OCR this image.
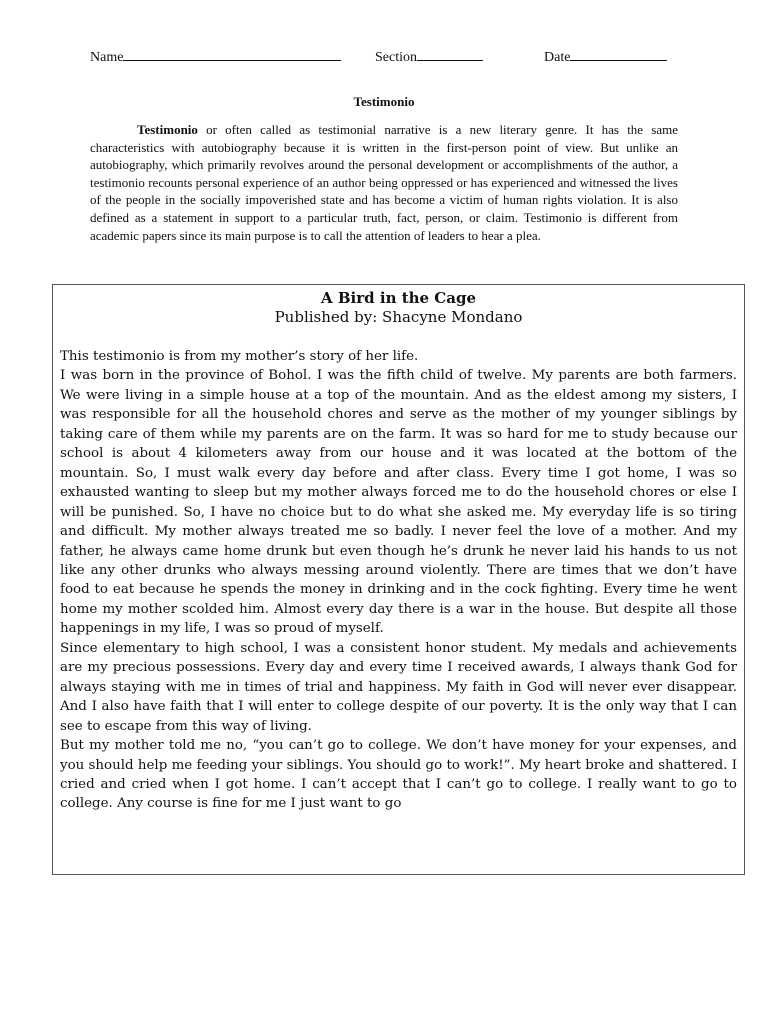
Name	Section	Date
Testimonio

Testimonio or often called as testimonial narrative is a new literary genre. It has the same characteristics with autobiography because it is written in the first-person point of view. But unlike an autobiography, which primarily revolves around the personal development or accomplishments of the author, a testimonio recounts personal experience of an author being oppressed or has experienced and witnessed the lives of the people in the socially impoverished state and has become a victim of human rights violation. It is also defined as a statement in support to a particular truth, fact, person, or claim. Testimonio is different from academic papers since its main purpose is to call the attention of leaders to hear a plea.

A Bird in the Cage
Published by: Shacyne Mondano

This testimonio is from my mother’s story of her life.

I was born in the province of Bohol. I was the fifth child of twelve. My parents are both farmers. We were living in a simple house at a top of the mountain. And as the eldest among my sisters, I was responsible for all the household chores and serve as the mother of my younger siblings by taking care of them while my parents are on the farm. It was so hard for me to study because our school is about 4 kilometers away from our house and it was located at the bottom of the mountain. So, I must walk every day before and after class. Every time I got home, I was so exhausted wanting to sleep but my mother always forced me to do the household chores or else I will be punished. So, I have no choice but to do what she asked me. My everyday life is so tiring and difficult. My mother always treated me so badly. I never feel the love of a mother. And my father, he always came home drunk but even though he’s drunk he never laid his hands to us not like any other drunks who always messing around violently. There are times that we don’t have food to eat because he spends the money in drinking and in the cock fighting. Every time he went home my mother scolded him. Almost every day there is a war in the house. But despite all those happenings in my life, I was so proud of myself.

Since elementary to high school, I was a consistent honor student. My medals and achievements are my precious possessions. Every day and every time I received awards, I always thank God for always staying with me in times of trial and happiness. My faith in God will never ever disappear. And I also have faith that I will enter to college despite of our poverty. It is the only way that I can see to escape from this way of living.

But my mother told me no, “you can’t go to college. We don’t have money for your expenses, and you should help me feeding your siblings. You should go to work!”. My heart broke and shattered. I cried and cried when I got home. I can’t accept that I can’t go to college. I really want to go to college. Any course is fine for me I just want to go
